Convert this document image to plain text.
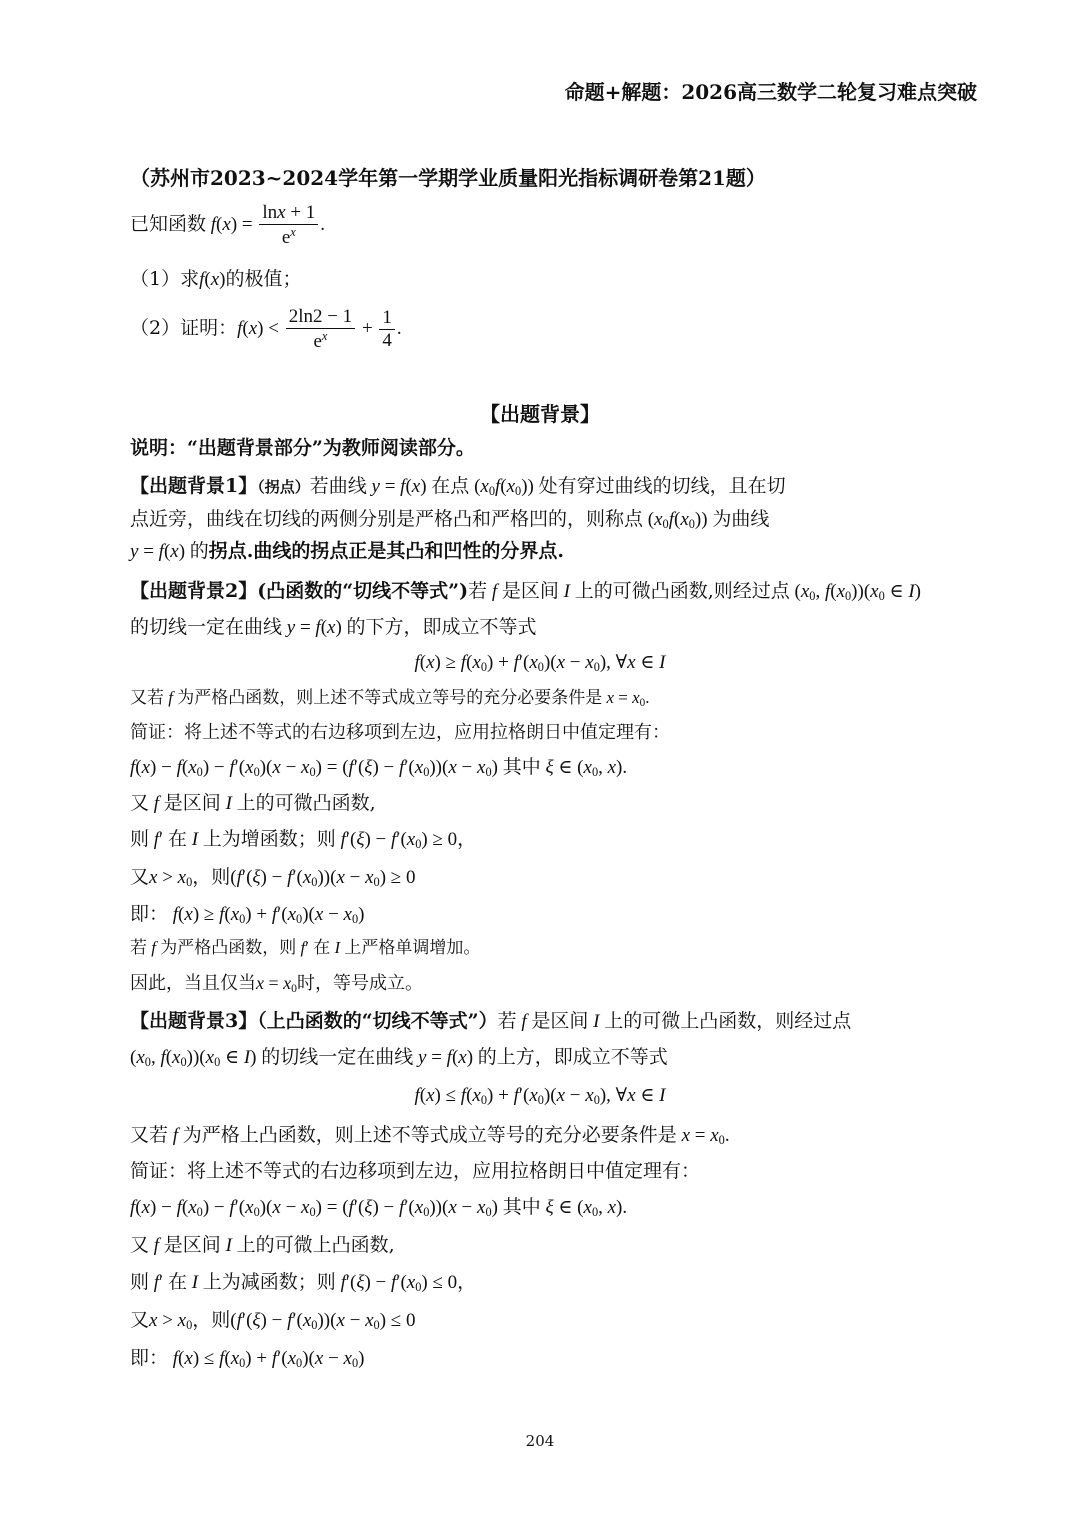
命题+解题：2026高三数学二轮复习难点突破
（苏州市2023~2024学年第一学期学业质量阳光指标调研卷第21题）
已知函数 $f(x) = \frac{\ln x + 1}{e^x}$ .
（1）求f(x)的极值；
（2）证明：$f(x) < \frac{2\ln 2 - 1}{e^x} + \frac{1}{4}$ .
【出题背景】
说明：“出题背景部分”为教师阅读部分。
【出题背景1】（拐点）若曲线 y = f(x) 在点 $(x_0f(x_0))$ 处有穿过曲线的切线，且在切
点近旁，曲线在切线的两侧分别是严格凸和严格凹的，则称点 $(x_0f(x_0))$ 为曲线
y = f(x) 的拐点.曲线的拐点正是其凸和凹性的分界点.
【出题背景2】(凸函数的“切线不等式”)若 f 是区间 I 上的可微凸函数,则经过点 ($x_0$, $f(x_0))(x_0$ ∈ I)
的切线一定在曲线 y = f(x) 的下方，即成立不等式
$f(x) \ge f(x_0) + f'(x_0)(x - x_0)$, ∀x ∈ I
又若 f 为严格凸函数，则上述不等式成立等号的充分必要条件是 $x = x_0$.
简证：将上述不等式的右边移项到左边，应用拉格朗日中值定理有：
$f(x) - f(x_0) - f'(x_0)(x - x_0) = (f'(\xi) - f'(x_0))(x - x_0)$ 其中 ξ ∈ ($x_0$, x).
又 f 是区间 I 上的可微凸函数,
则 f′ 在 I 上为增函数；则 $f'(\xi) - f'(x_0) \ge 0$，
又$x > x_0$，则$(f'(\xi) - f'(x_0))(x - x_0) \ge 0$
即： $f(x) \ge f(x_0) + f'(x_0)(x - x_0)$
若 f 为严格凸函数，则 f′ 在 I 上严格单调增加。
因此，当且仅当$x = x_0$时，等号成立。
【出题背景3】（上凸函数的“切线不等式”）若 f 是区间 I 上的可微上凸函数，则经过点
($x_0$, $f(x_0))(x_0$ ∈ I) 的切线一定在曲线 y = f(x) 的上方，即成立不等式
$f(x) \le f(x_0) + f'(x_0)(x - x_0)$, ∀x ∈ I
又若 f 为严格上凸函数，则上述不等式成立等号的充分必要条件是 $x = x_0$.
简证：将上述不等式的右边移项到左边，应用拉格朗日中值定理有：
$f(x) - f(x_0) - f'(x_0)(x - x_0) = (f'(\xi) - f'(x_0))(x - x_0)$ 其中 ξ ∈ ($x_0$, x).
又 f 是区间 I 上的可微上凸函数,
则 f′ 在 I 上为减函数；则 $f'(\xi) - f'(x_0) \le 0$，
又$x > x_0$，则$(f'(\xi) - f'(x_0))(x - x_0) \le 0$
即： $f(x) \le f(x_0) + f'(x_0)(x - x_0)$
204
